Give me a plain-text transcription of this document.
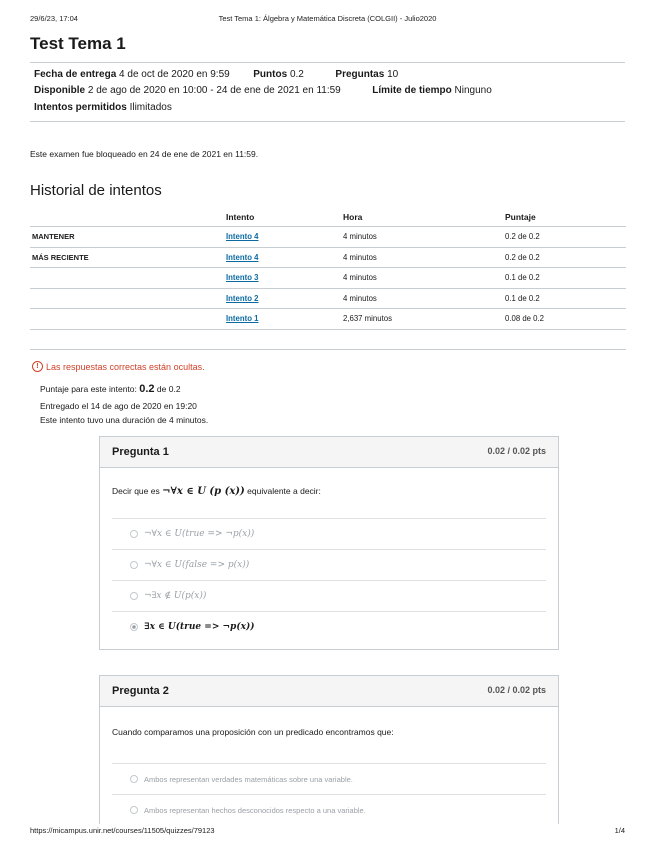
29/6/23, 17:04	Test Tema 1: Álgebra y Matemática Discreta (COLGII) - Julio2020
Test Tema 1
Fecha de entrega 4 de oct de 2020 en 9:59 Puntos 0.2	Preguntas 10
Disponible 2 de ago de 2020 en 10:00 - 24 de ene de 2021 en 11:59	Límite de tiempo Ninguno
Intentos permitidos Ilimitados
Este examen fue bloqueado en 24 de ene de 2021 en 11:59.
Historial de intentos
	Intento	Hora	Puntaje
MANTENER	Intento 4	4 minutos	0.2 de 0.2
MÁS RECIENTE	Intento 4	4 minutos	0.2 de 0.2
	Intento 3	4 minutos	0.1 de 0.2
	Intento 2	4 minutos	0.1 de 0.2
	Intento 1	2,637 minutos	0.08 de 0.2

! Las respuestas correctas están ocultas.
Puntaje para este intento: 0.2 de 0.2
Entregado el 14 de ago de 2020 en 19:20
Este intento tuvo una duración de 4 minutos.
Pregunta 1	0.02 / 0.02 pts
Decir que es ¬∀x ∈ U (p (x)) equivalente a decir:
¬∀x ∈ U(true => ¬p(x))
¬∀x ∈ U(false => p(x))
¬∃x ∉ U(p(x))
∃x ∈ U(true => ¬p(x))
Pregunta 2	0.02 / 0.02 pts
Cuando comparamos una proposición con un predicado encontramos que:
Ambos representan verdades matemáticas sobre una variable.
Ambos representan hechos desconocidos respecto a una variable.
https://micampus.unir.net/courses/11505/quizzes/79123	1/4
